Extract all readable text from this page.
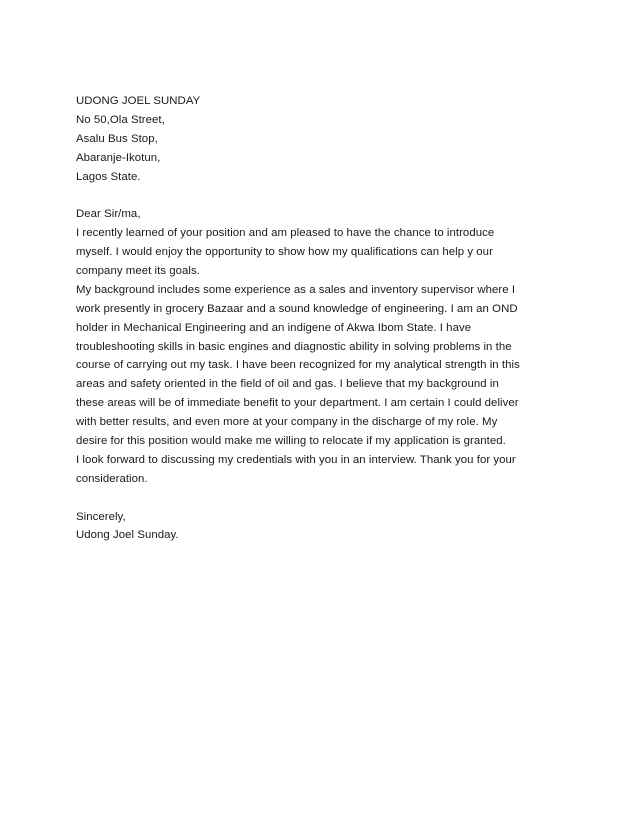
UDONG JOEL SUNDAY
No 50,Ola Street,
Asalu Bus Stop,
Abaranje-Ikotun,
Lagos State.
Dear Sir/ma,
I recently learned of your position and am pleased to have the chance to introduce
myself. I would enjoy the opportunity to show how my qualifications can help y our
company meet its goals.
My background includes some experience as a sales and inventory supervisor where I
work presently in grocery Bazaar and a sound knowledge of engineering. I am an OND
holder in Mechanical Engineering and an indigene of Akwa Ibom State. I have
troubleshooting skills in basic engines and diagnostic ability in solving problems in the
course of carrying out my task. I have been recognized for my analytical strength in this
areas and safety oriented in the field of oil and gas. I believe that my background in
these areas will be of immediate benefit to your department. I am certain I could deliver
with better results, and even more at your company in the discharge of my role. My
desire for this position would make me willing to relocate if my application is granted.
I look forward to discussing my credentials with you in an interview. Thank you for your
consideration.
Sincerely,
Udong Joel Sunday.
